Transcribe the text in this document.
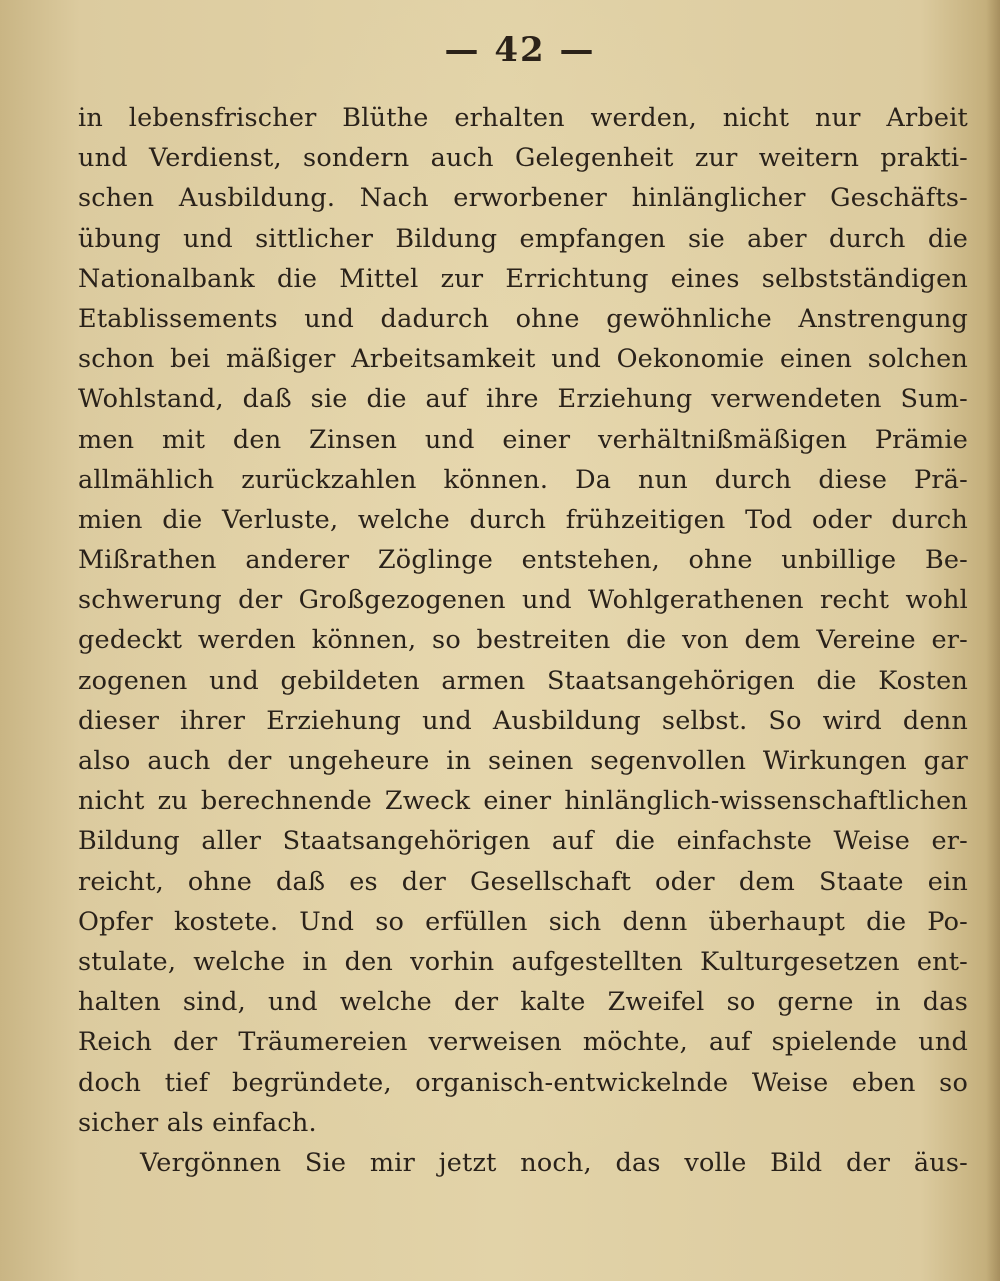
— 42 —
in lebensfrischer Blüthe erhalten werden, nicht nur Arbeit
und Verdienst, sondern auch Gelegenheit zur weitern prakti-
schen Ausbildung. Nach erworbener hinlänglicher Geschäfts-
übung und sittlicher Bildung empfangen sie aber durch die
Nationalbank die Mittel zur Errichtung eines selbstständigen
Etablissements und dadurch ohne gewöhnliche Anstrengung
schon bei mäßiger Arbeitsamkeit und Oekonomie einen solchen
Wohlstand, daß sie die auf ihre Erziehung verwendeten Sum-
men mit den Zinsen und einer verhältnißmäßigen Prämie
allmählich zurückzahlen können. Da nun durch diese Prä-
mien die Verluste, welche durch frühzeitigen Tod oder durch
Mißrathen anderer Zöglinge entstehen, ohne unbillige Be-
schwerung der Großgezogenen und Wohlgerathenen recht wohl
gedeckt werden können, so bestreiten die von dem Vereine er-
zogenen und gebildeten armen Staatsangehörigen die Kosten
dieser ihrer Erziehung und Ausbildung selbst. So wird denn
also auch der ungeheure in seinen segenvollen Wirkungen gar
nicht zu berechnende Zweck einer hinlänglich-wissenschaftlichen
Bildung aller Staatsangehörigen auf die einfachste Weise er-
reicht, ohne daß es der Gesellschaft oder dem Staate ein
Opfer kostete. Und so erfüllen sich denn überhaupt die Po-
stulate, welche in den vorhin aufgestellten Kulturgesetzen ent-
halten sind, und welche der kalte Zweifel so gerne in das
Reich der Träumereien verweisen möchte, auf spielende und
doch tief begründete, organisch-entwickelnde Weise eben so
sicher als einfach.
Vergönnen Sie mir jetzt noch, das volle Bild der äus-
